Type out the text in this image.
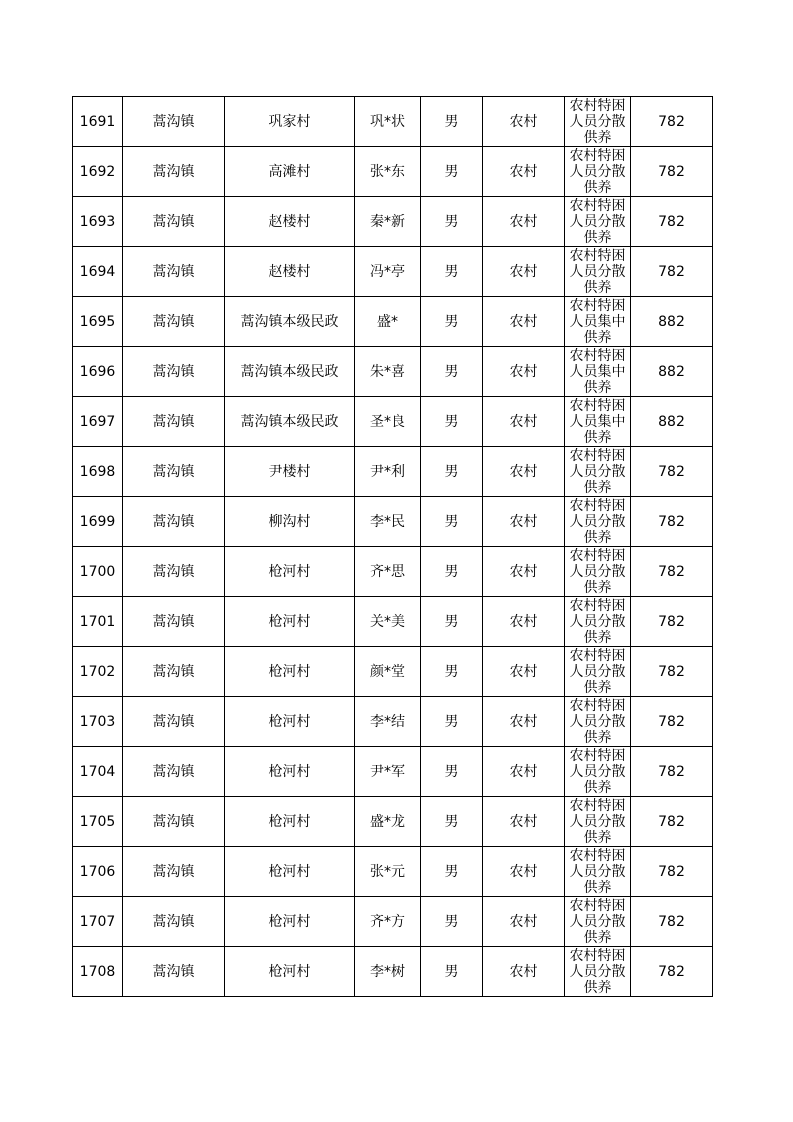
1691	蒿沟镇	巩家村	巩*状	男	农村	农村特困人员分散供养	782
1692	蒿沟镇	高滩村	张*东	男	农村	农村特困人员分散供养	782
1693	蒿沟镇	赵楼村	秦*新	男	农村	农村特困人员分散供养	782
1694	蒿沟镇	赵楼村	冯*亭	男	农村	农村特困人员分散供养	782
1695	蒿沟镇	蒿沟镇本级民政	盛*	男	农村	农村特困人员集中供养	882
1696	蒿沟镇	蒿沟镇本级民政	朱*喜	男	农村	农村特困人员集中供养	882
1697	蒿沟镇	蒿沟镇本级民政	圣*良	男	农村	农村特困人员集中供养	882
1698	蒿沟镇	尹楼村	尹*利	男	农村	农村特困人员分散供养	782
1699	蒿沟镇	柳沟村	李*民	男	农村	农村特困人员分散供养	782
1700	蒿沟镇	枪河村	齐*思	男	农村	农村特困人员分散供养	782
1701	蒿沟镇	枪河村	关*美	男	农村	农村特困人员分散供养	782
1702	蒿沟镇	枪河村	颜*堂	男	农村	农村特困人员分散供养	782
1703	蒿沟镇	枪河村	李*结	男	农村	农村特困人员分散供养	782
1704	蒿沟镇	枪河村	尹*军	男	农村	农村特困人员分散供养	782
1705	蒿沟镇	枪河村	盛*龙	男	农村	农村特困人员分散供养	782
1706	蒿沟镇	枪河村	张*元	男	农村	农村特困人员分散供养	782
1707	蒿沟镇	枪河村	齐*方	男	农村	农村特困人员分散供养	782
1708	蒿沟镇	枪河村	李*树	男	农村	农村特困人员分散供养	782
